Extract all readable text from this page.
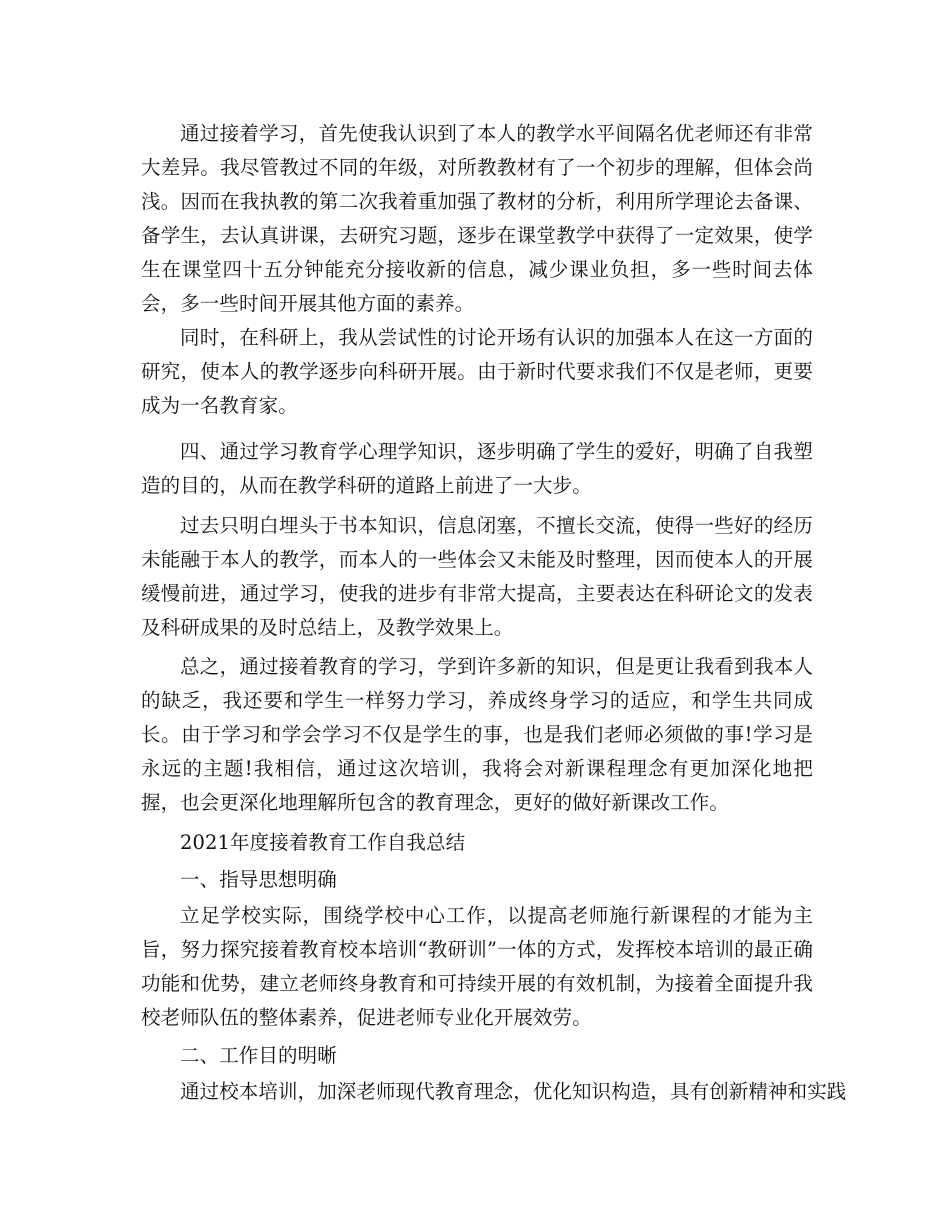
通过接着学习，首先使我认识到了本人的教学水平间隔名优老师还有非常大差异。我尽管教过不同的年级，对所教教材有了一个初步的理解，但体会尚浅。因而在我执教的第二次我着重加强了教材的分析，利用所学理论去备课、备学生，去认真讲课，去研究习题，逐步在课堂教学中获得了一定效果，使学生在课堂四十五分钟能充分接收新的信息，减少课业负担，多一些时间去体会，多一些时间开展其他方面的素养。

同时，在科研上，我从尝试性的讨论开场有认识的加强本人在这一方面的研究，使本人的教学逐步向科研开展。由于新时代要求我们不仅是老师，更要成为一名教育家。

四、通过学习教育学心理学知识，逐步明确了学生的爱好，明确了自我塑造的目的，从而在教学科研的道路上前进了一大步。

过去只明白埋头于书本知识，信息闭塞，不擅长交流，使得一些好的经历未能融于本人的教学，而本人的一些体会又未能及时整理，因而使本人的开展缓慢前进，通过学习，使我的进步有非常大提高，主要表达在科研论文的发表及科研成果的及时总结上，及教学效果上。

总之，通过接着教育的学习，学到许多新的知识，但是更让我看到我本人的缺乏，我还要和学生一样努力学习，养成终身学习的适应，和学生共同成长。由于学习和学会学习不仅是学生的事，也是我们老师必须做的事!学习是永远的主题!我相信，通过这次培训，我将会对新课程理念有更加深化地把握，也会更深化地理解所包含的教育理念，更好的做好新课改工作。

2021年度接着教育工作自我总结

一、指导思想明确

立足学校实际，围绕学校中心工作，以提高老师施行新课程的才能为主旨，努力探究接着教育校本培训“教研训”一体的方式，发挥校本培训的最正确功能和优势，建立老师终身教育和可持续开展的有效机制，为接着全面提升我校老师队伍的整体素养，促进老师专业化开展效劳。

二、工作目的明晰

通过校本培训，加深老师现代教育理念，优化知识构造，具有创新精神和实践
